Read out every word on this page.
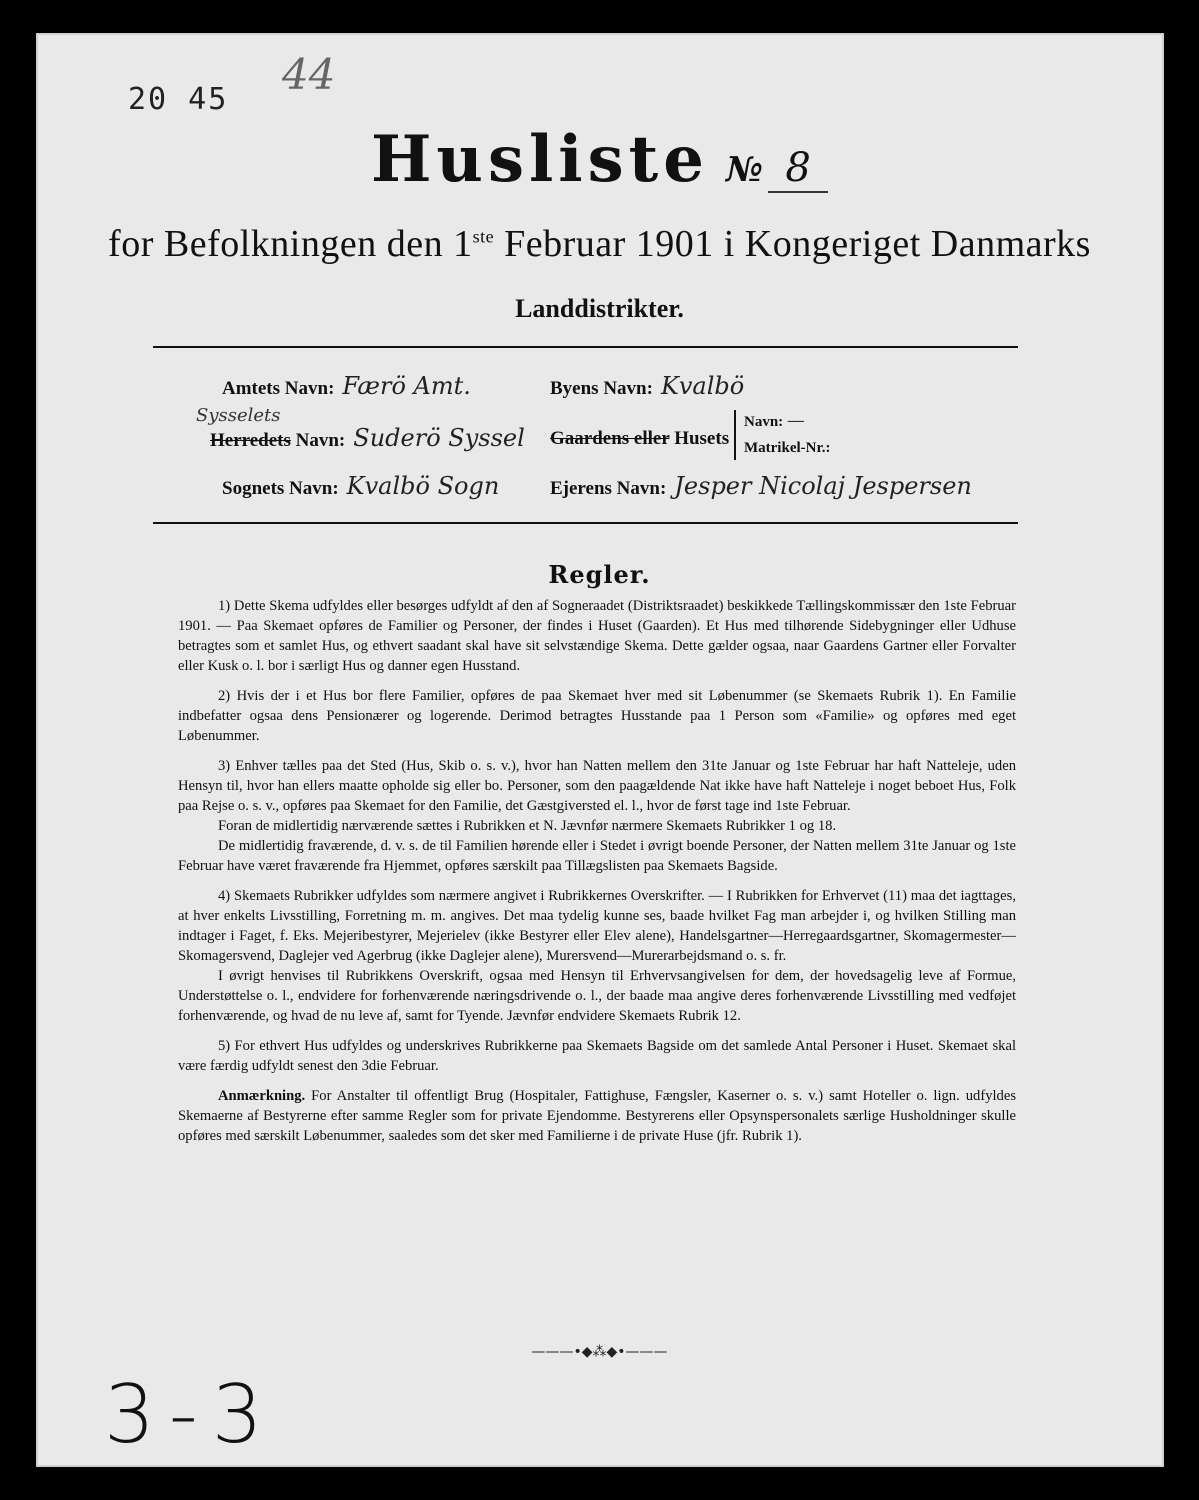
20 45
44
Husliste № 8
for Befolkningen den 1ste Februar 1901 i Kongeriget Danmarks
Landdistrikter.
Amtets Navn: Færö Amt.	Byens Navn: Kvalbö
Sysselets
Herredets Navn: Suderö Syssel Gaardens eller Husets
Navn: —
Matrikel-Nr.:
Sognets Navn: Kvalbö Sogn	Ejerens Navn: Jesper Nicolaj Jespersen
Regler.

1) Dette Skema udfyldes eller besørges udfyldt af den af Sogneraadet (Distriktsraadet) beskikkede Tællingskommissær den 1ste Februar 1901. — Paa Skemaet opføres de Familier og Personer, der findes i Huset (Gaarden). Et Hus med tilhørende Sidebygninger eller Udhuse betragtes som et samlet Hus, og ethvert saadant skal have sit selvstændige Skema. Dette gælder ogsaa, naar Gaardens Gartner eller Forvalter eller Kusk o. l. bor i særligt Hus og danner egen Husstand.

2) Hvis der i et Hus bor flere Familier, opføres de paa Skemaet hver med sit Løbenummer (se Skemaets Rubrik 1). En Familie indbefatter ogsaa dens Pensionærer og logerende. Derimod betragtes Husstande paa 1 Person som «Familie» og opføres med eget Løbenummer.

3) Enhver tælles paa det Sted (Hus, Skib o. s. v.), hvor han Natten mellem den 31te Januar og 1ste Februar har haft Natteleje, uden Hensyn til, hvor han ellers maatte opholde sig eller bo. Personer, som den paagældende Nat ikke have haft Natteleje i noget beboet Hus, Folk paa Rejse o. s. v., opføres paa Skemaet for den Familie, det Gæstgiversted el. l., hvor de først tage ind 1ste Februar.

Foran de midlertidig nærværende sættes i Rubrikken et N. Jævnfør nærmere Skemaets Rubrikker 1 og 18.

De midlertidig fraværende, d. v. s. de til Familien hørende eller i Stedet i øvrigt boende Personer, der Natten mellem 31te Januar og 1ste Februar have været fraværende fra Hjemmet, opføres særskilt paa Tillægslisten paa Skemaets Bagside.

4) Skemaets Rubrikker udfyldes som nærmere angivet i Rubrikkernes Overskrifter. — I Rubrikken for Erhvervet (11) maa det iagttages, at hver enkelts Livsstilling, Forretning m. m. angives. Det maa tydelig kunne ses, baade hvilket Fag man arbejder i, og hvilken Stilling man indtager i Faget, f. Eks. Mejeribestyrer, Mejerielev (ikke Bestyrer eller Elev alene), Handelsgartner—Herregaardsgartner, Skomagermester—Skomagersvend, Daglejer ved Agerbrug (ikke Daglejer alene), Murersvend—Murerarbejdsmand o. s. fr.

I øvrigt henvises til Rubrikkens Overskrift, ogsaa med Hensyn til Erhvervsangivelsen for dem, der hovedsagelig leve af Formue, Understøttelse o. l., endvidere for forhenværende næringsdrivende o. l., der baade maa angive deres forhenværende Livsstilling med vedføjet forhenværende, og hvad de nu leve af, samt for Tyende. Jævnfør endvidere Skemaets Rubrik 12.

5) For ethvert Hus udfyldes og underskrives Rubrikkerne paa Skemaets Bagside om det samlede Antal Personer i Huset. Skemaet skal være færdig udfyldt senest den 3die Februar.

Anmærkning. For Anstalter til offentligt Brug (Hospitaler, Fattighuse, Fængsler, Kaserner o. s. v.) samt Hoteller o. lign. udfyldes Skemaerne af Bestyrerne efter samme Regler som for private Ejendomme. Bestyrerens eller Opsynspersonalets særlige Husholdninger skulle opføres med særskilt Løbenummer, saaledes som det sker med Familierne i de private Huse (jfr. Rubrik 1).

———•◆⁂◆•———
3-3
